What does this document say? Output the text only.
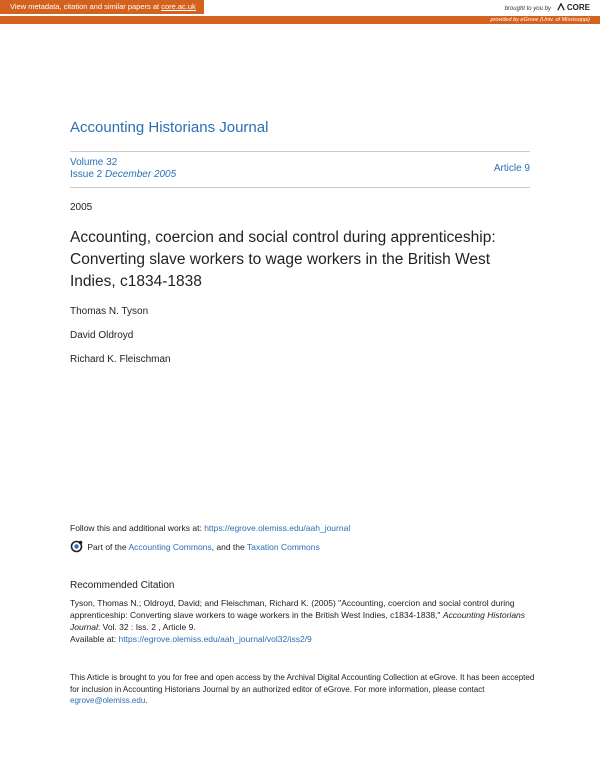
View metadata, citation and similar papers at core.ac.uk	brought to you by CORE
provided by eGrove (Univ. of Mississippi)
Accounting Historians Journal
Volume 32
Issue 2 December 2005
Article 9
2005
Accounting, coercion and social control during apprenticeship: Converting slave workers to wage workers in the British West Indies, c1834-1838
Thomas N. Tyson
David Oldroyd
Richard K. Fleischman
Follow this and additional works at: https://egrove.olemiss.edu/aah_journal
Part of the Accounting Commons, and the Taxation Commons
Recommended Citation
Tyson, Thomas N.; Oldroyd, David; and Fleischman, Richard K. (2005) "Accounting, coercion and social control during apprenticeship: Converting slave workers to wage workers in the British West Indies, c1834-1838," Accounting Historians Journal: Vol. 32 : Iss. 2 , Article 9.
Available at: https://egrove.olemiss.edu/aah_journal/vol32/iss2/9
This Article is brought to you for free and open access by the Archival Digital Accounting Collection at eGrove. It has been accepted for inclusion in Accounting Historians Journal by an authorized editor of eGrove. For more information, please contact egrove@olemiss.edu.
